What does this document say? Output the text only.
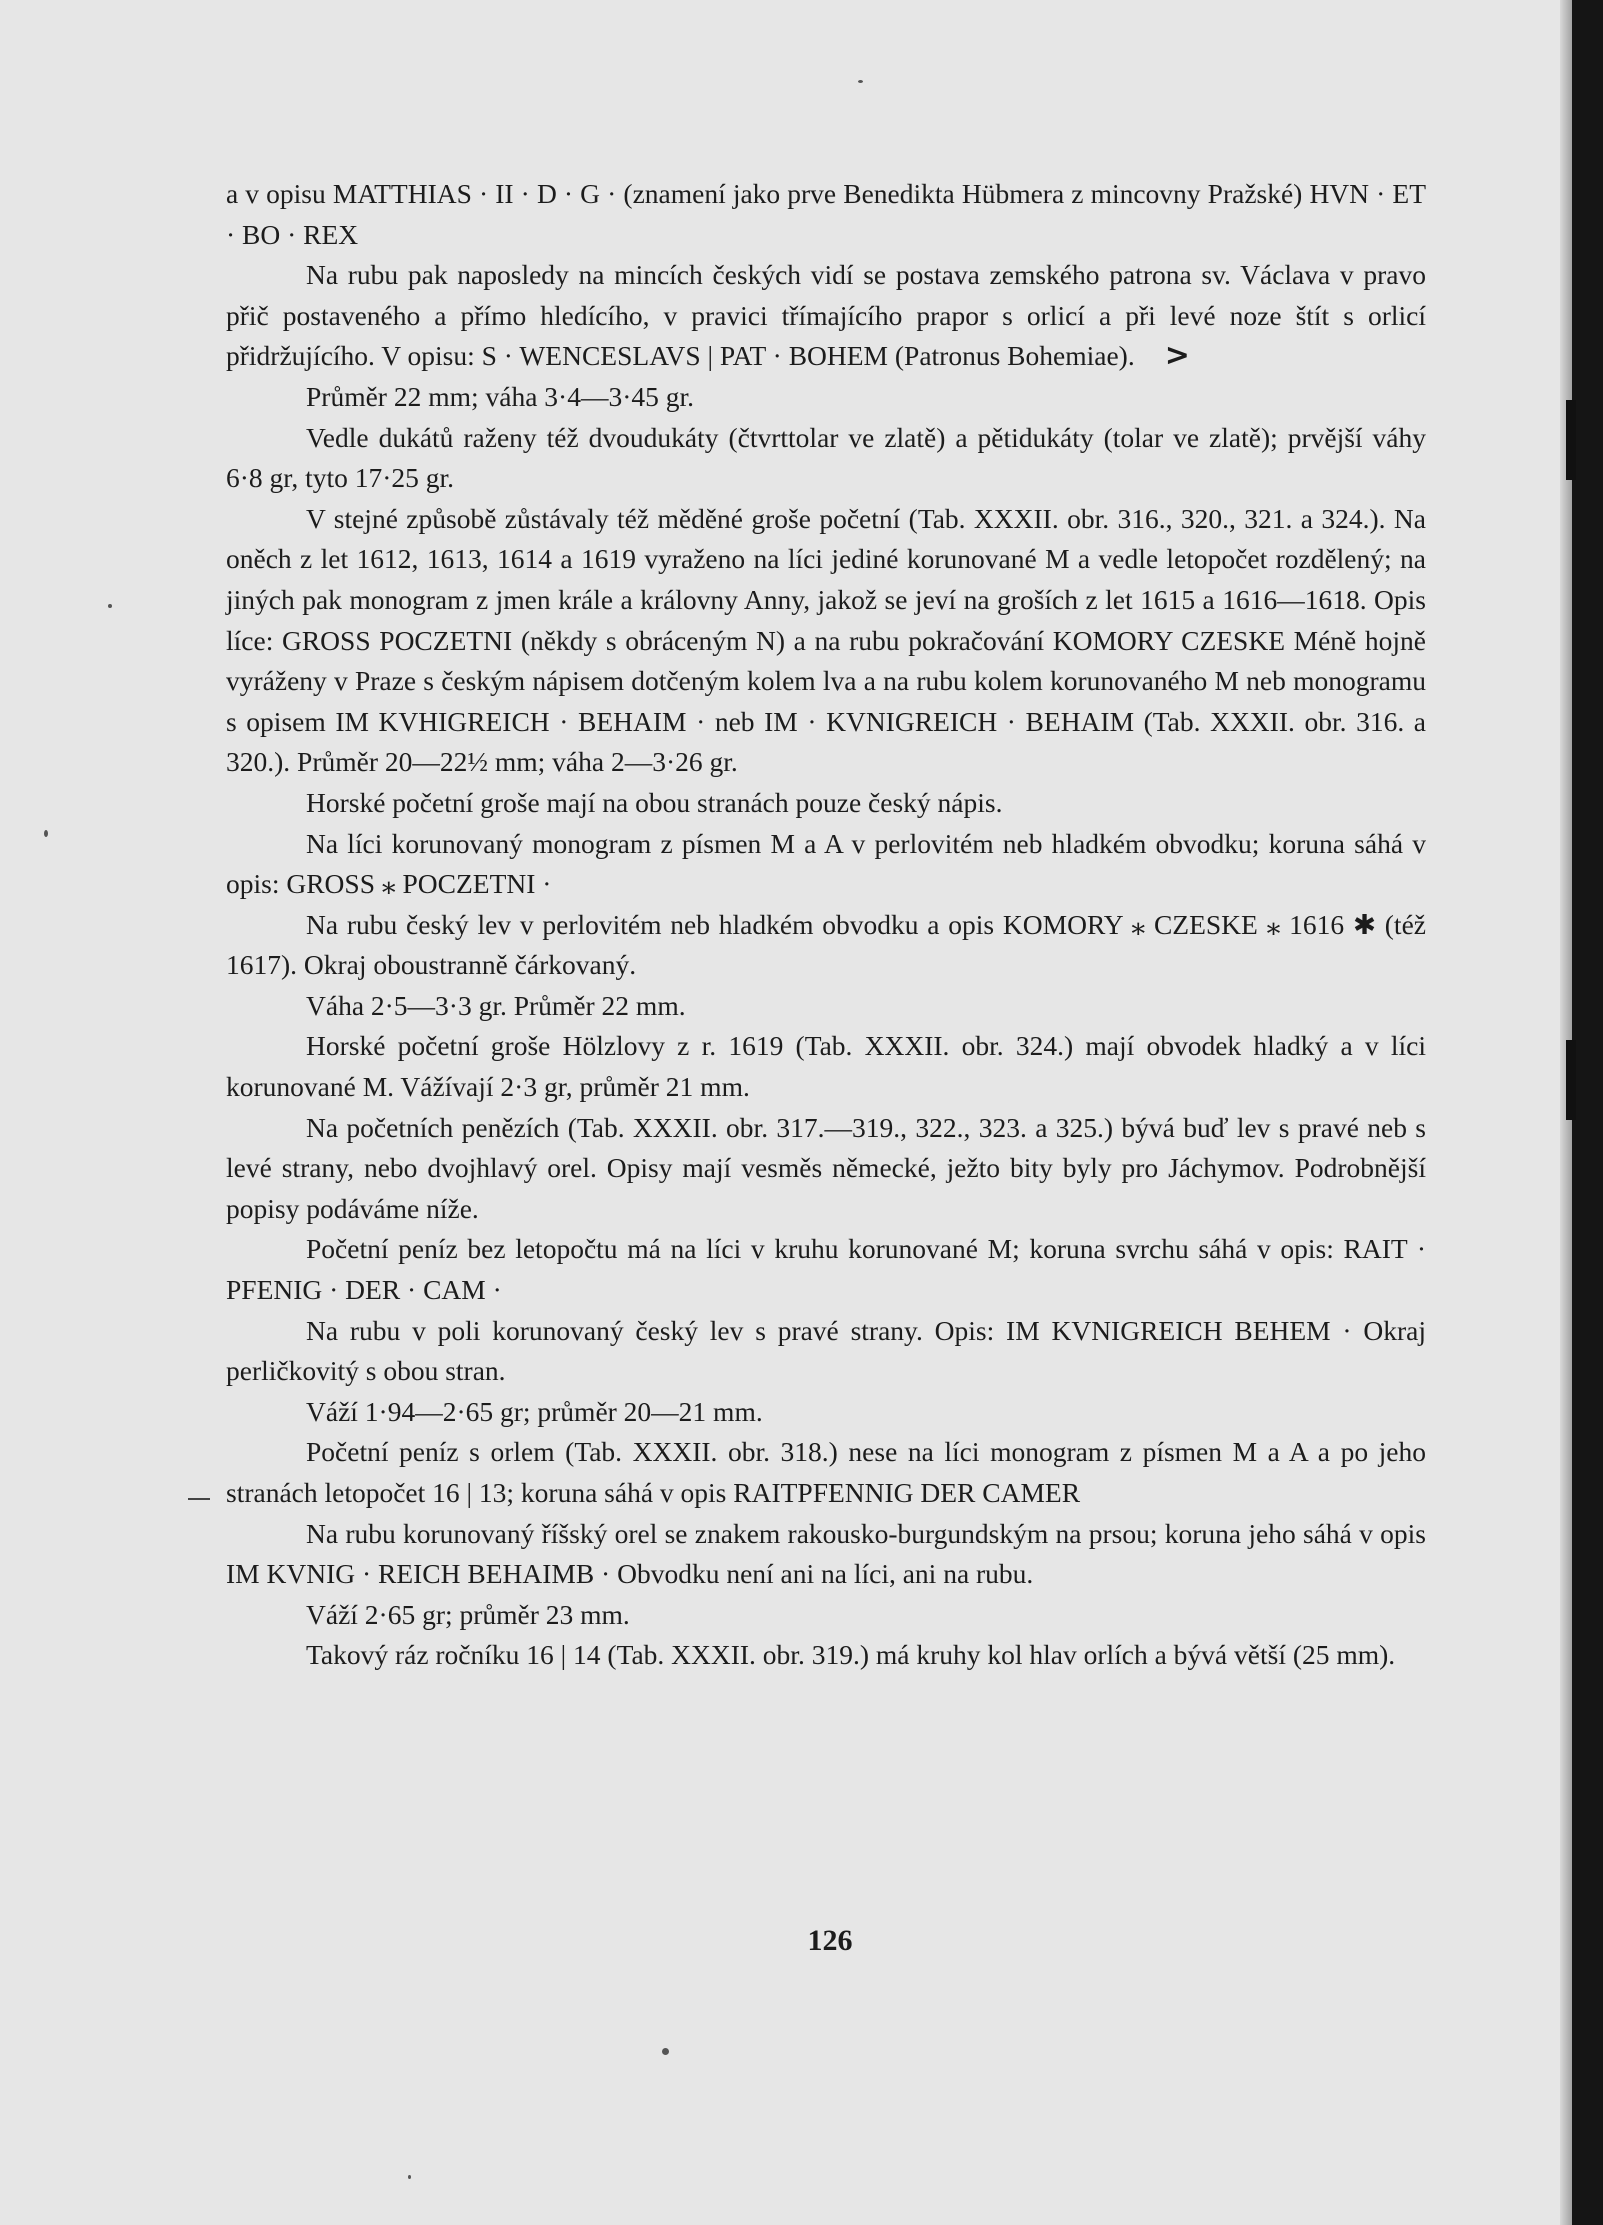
a v opisu MATTHIAS · II · D · G · (znamení jako prve Benedikta Hübmera z mincovny Pražské) HVN · ET · BO · REX

Na rubu pak naposledy na mincích českých vidí se postava zemského patrona sv. Václava v pravo přič postaveného a přímo hledícího, v pravici třímajícího prapor s orlicí a při levé noze štít s orlicí přidržujícího. V opisu: S · WENCESLAVS | PAT · BOHEM (Patronus Bohemiae). >

Průměr 22 mm; váha 3·4—3·45 gr.

Vedle dukátů raženy též dvoudukáty (čtvrttolar ve zlatě) a pětidukáty (tolar ve zlatě); prvější váhy 6·8 gr, tyto 17·25 gr.

V stejné způsobě zůstávaly též měděné groše početní (Tab. XXXII. obr. 316., 320., 321. a 324.). Na oněch z let 1612, 1613, 1614 a 1619 vyraženo na líci jediné korunované M a vedle letopočet rozdělený; na jiných pak monogram z jmen krále a královny Anny, jakož se jeví na groších z let 1615 a 1616—1618. Opis líce: GROSS POCZETNI (někdy s obráceným N) a na rubu pokračování KOMORY CZESKE Méně hojně vyráženy v Praze s českým nápisem dotčeným kolem lva a na rubu kolem korunovaného M neb monogramu s opisem IM KVHIGREICH · BEHAIM · neb IM · KVNIGREICH · BEHAIM (Tab. XXXII. obr. 316. a 320.). Průměr 20—22½ mm; váha 2—3·26 gr.

Horské početní groše mají na obou stranách pouze český nápis.

Na líci korunovaný monogram z písmen M a A v perlovitém neb hladkém obvodku; koruna sáhá v opis: GROSS ⁎ POCZETNI ·

Na rubu český lev v perlovitém neb hladkém obvodku a opis KOMORY ⁎ CZESKE ⁎ 1616 ✱ (též 1617). Okraj oboustranně čárkovaný.

Váha 2·5—3·3 gr. Průměr 22 mm.

Horské početní groše Hölzlovy z r. 1619 (Tab. XXXII. obr. 324.) mají obvodek hladký a v líci korunované M. Vážívají 2·3 gr, průměr 21 mm.

Na početních penězích (Tab. XXXII. obr. 317.—319., 322., 323. a 325.) bývá buď lev s pravé neb s levé strany, nebo dvojhlavý orel. Opisy mají vesměs německé, ježto bity byly pro Jáchymov. Podrobnější popisy podáváme níže.

Početní peníz bez letopočtu má na líci v kruhu korunované M; koruna svrchu sáhá v opis: RAIT · PFENIG · DER · CAM ·

Na rubu v poli korunovaný český lev s pravé strany. Opis: IM KVNIGREICH BEHEM · Okraj perličkovitý s obou stran.

Váží 1·94—2·65 gr; průměr 20—21 mm.

Početní peníz s orlem (Tab. XXXII. obr. 318.) nese na líci monogram z písmen M a A a po jeho stranách letopočet 16 | 13; koruna sáhá v opis RAITPFENNIG DER CAMER

Na rubu korunovaný říšský orel se znakem rakousko-burgundským na prsou; koruna jeho sáhá v opis IM KVNIG · REICH BEHAIMB · Obvodku není ani na líci, ani na rubu.

Váží 2·65 gr; průměr 23 mm.

Takový ráz ročníku 16 | 14 (Tab. XXXII. obr. 319.) má kruhy kol hlav orlích a bývá větší (25 mm).

126
